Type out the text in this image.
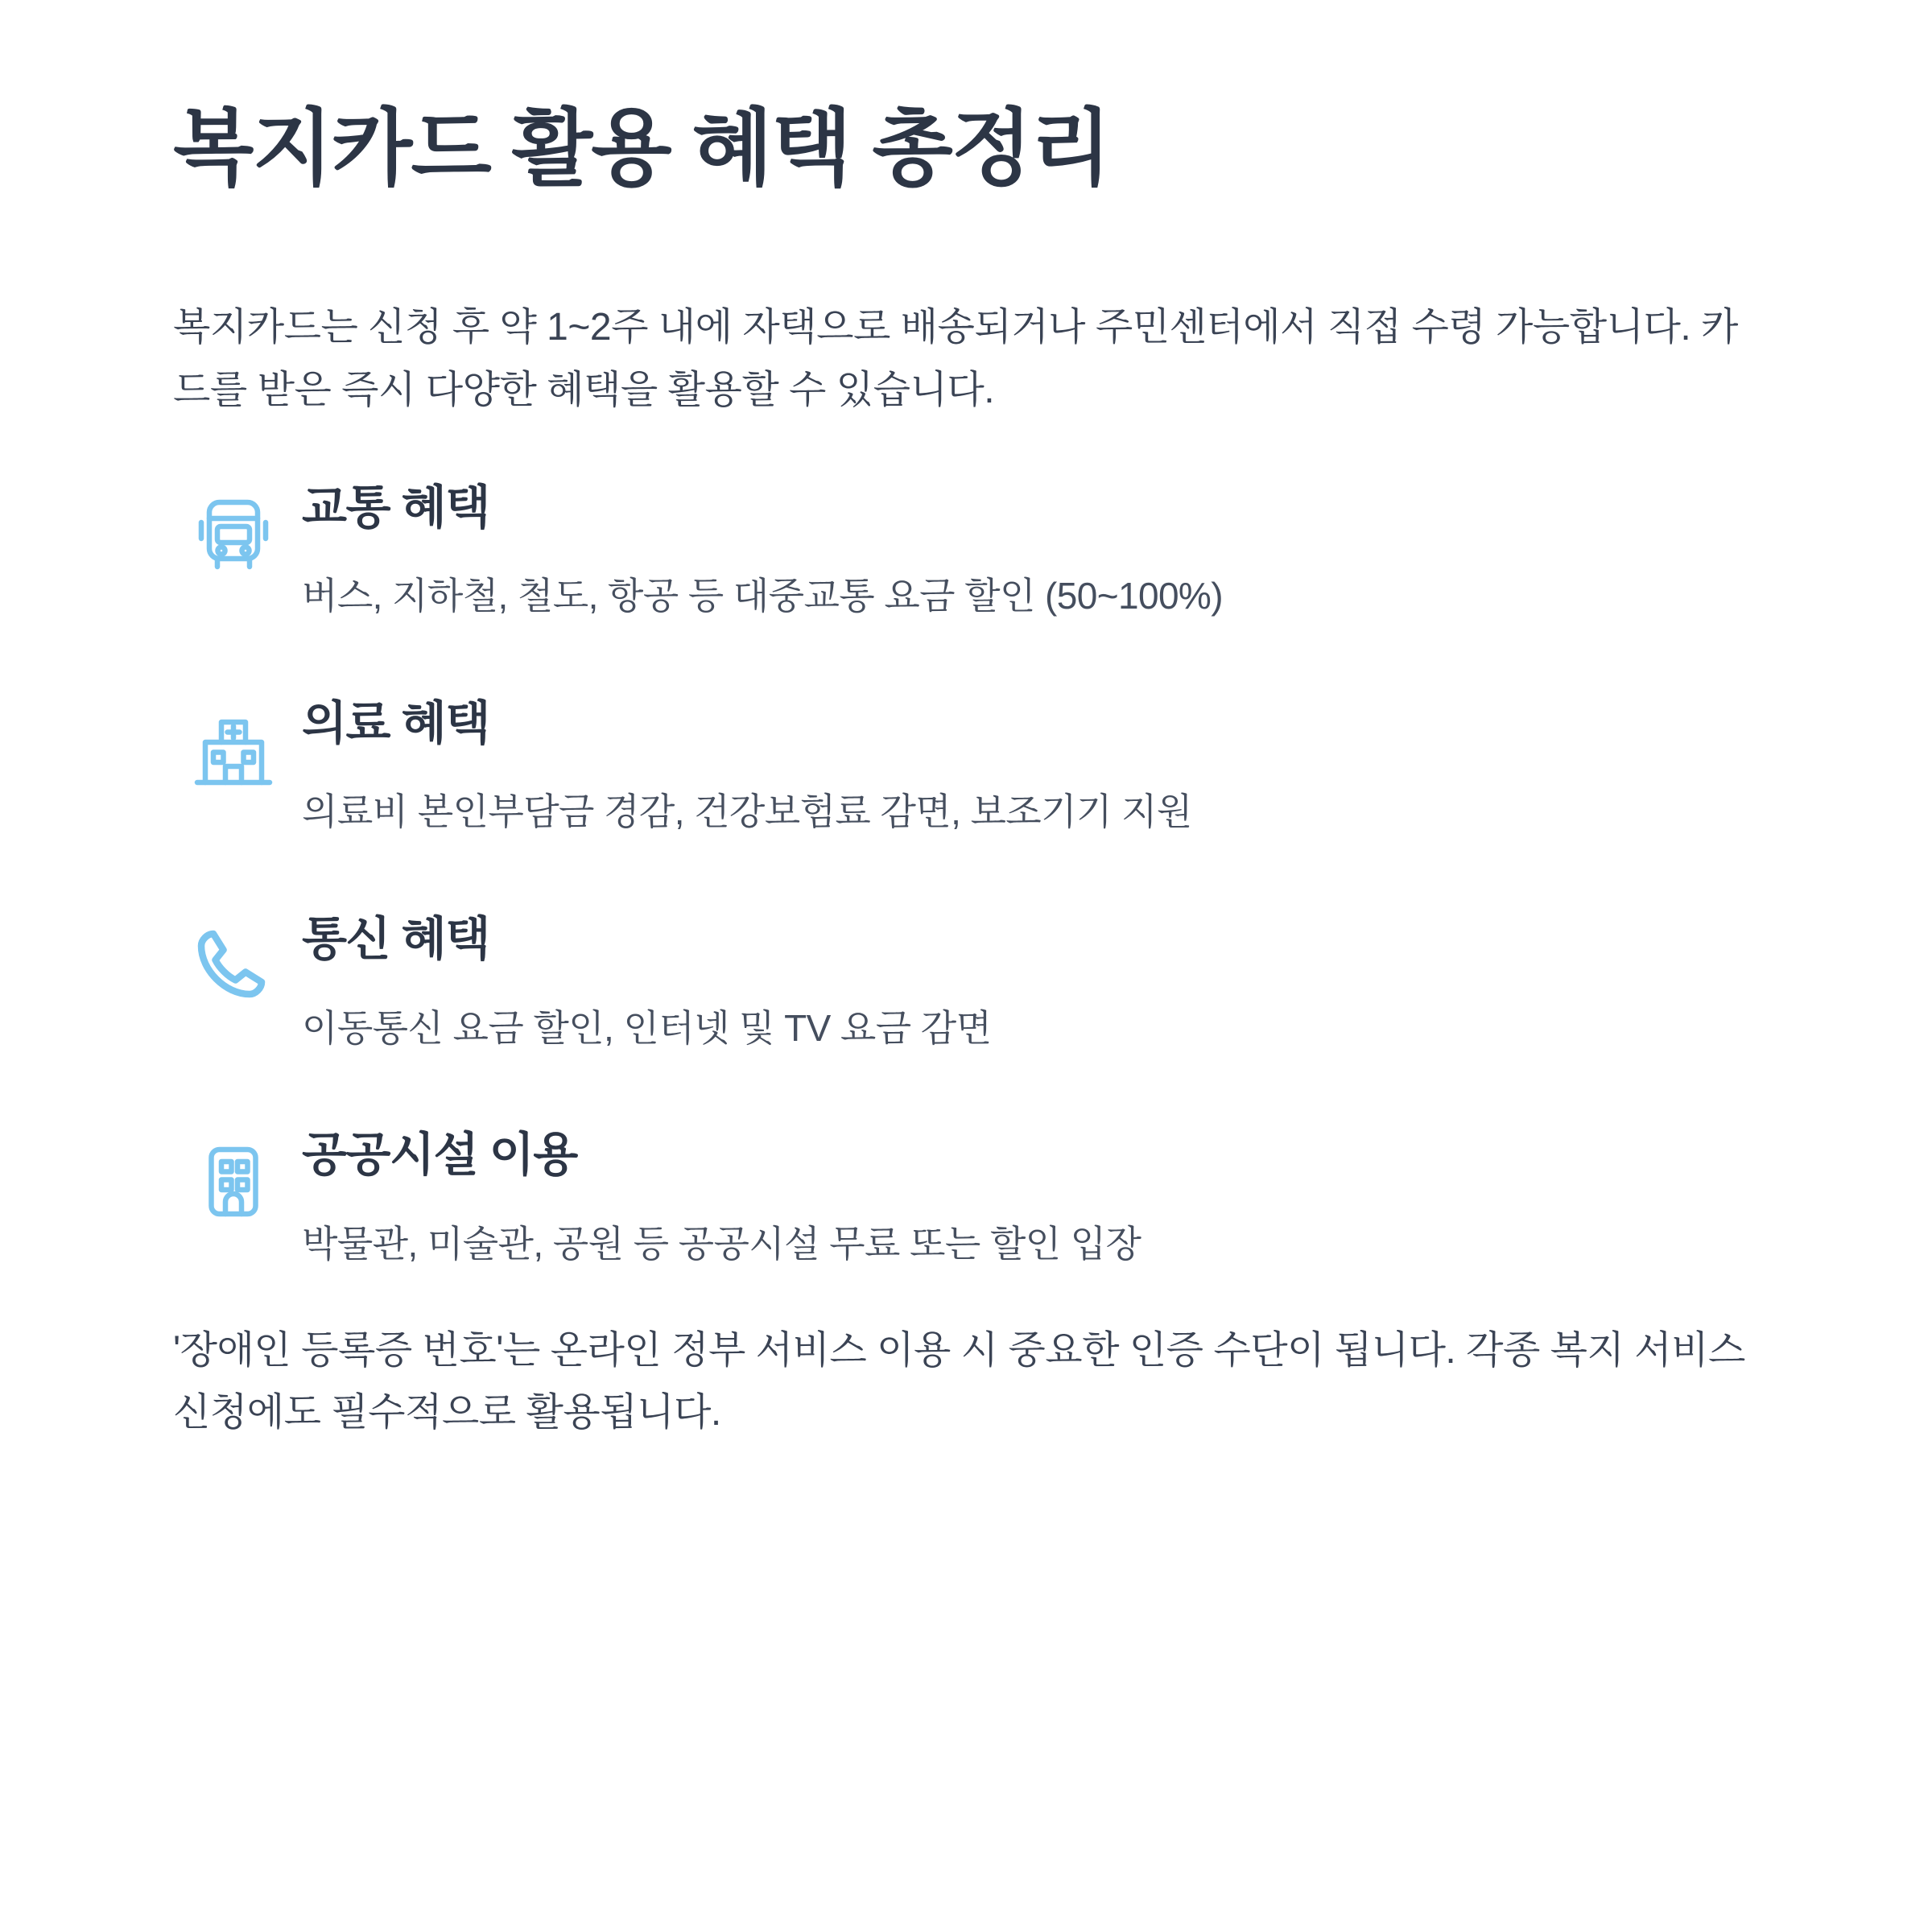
복지카드 활용 혜택 총정리

복지카드는 신청 후 약 1~2주 내에 자택으로 배송되거나 주민센터에서 직접 수령 가능합니다. 카드를 받은 즉시 다양한 혜택을 활용할 수 있습니다.

교통 혜택
버스, 지하철, 철도, 항공 등 대중교통 요금 할인 (50~100%)
의료 혜택
의료비 본인부담금 경감, 건강보험료 감면, 보조기기 지원
통신 혜택
이동통신 요금 할인, 인터넷 및 TV 요금 감면
공공시설 이용
박물관, 미술관, 공원 등 공공시설 무료 또는 할인 입장

'장애인 등록증 번호'는 온라인 정부 서비스 이용 시 중요한 인증 수단이 됩니다. 각종 복지 서비스 신청에도 필수적으로 활용됩니다.
